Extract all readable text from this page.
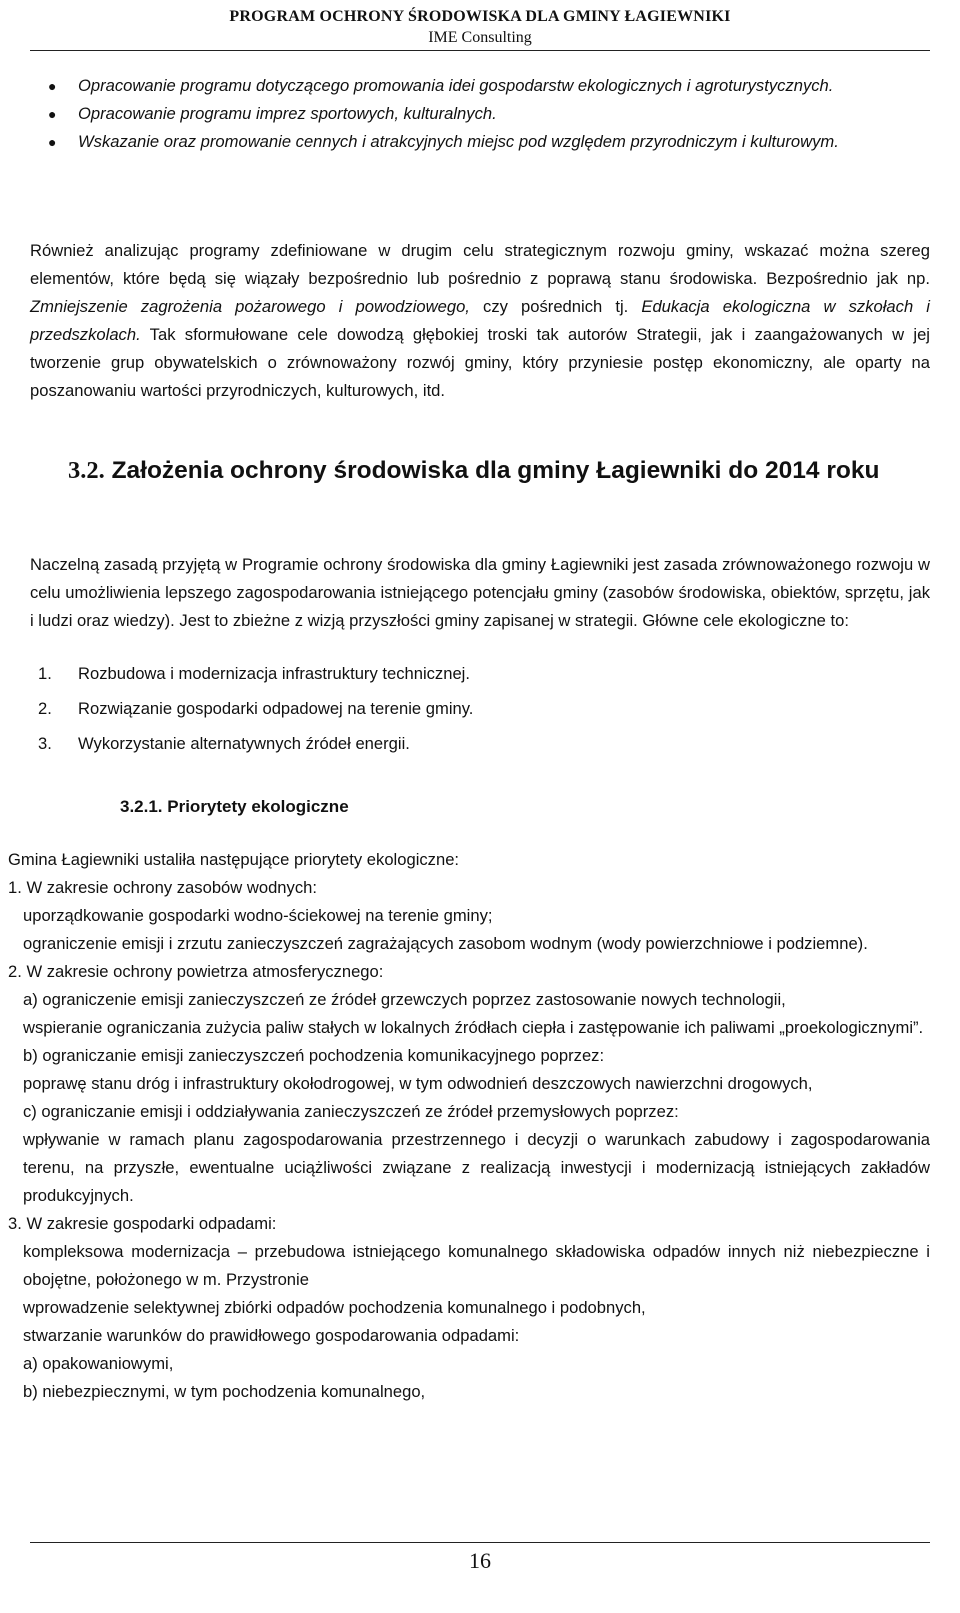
PROGRAM OCHRONY ŚRODOWISKA DLA GMINY ŁAGIEWNIKI
IME Consulting
● Opracowanie programu dotyczącego promowania idei gospodarstw ekologicznych i agroturystycznych.
● Opracowanie programu imprez sportowych, kulturalnych.
● Wskazanie oraz promowanie cennych i atrakcyjnych miejsc pod względem przyrodniczym i kulturowym.
Również analizując programy zdefiniowane w drugim celu strategicznym rozwoju gminy, wskazać można szereg elementów, które będą się wiązały bezpośrednio lub pośrednio z poprawą stanu środowiska. Bezpośrednio jak np. Zmniejszenie zagrożenia pożarowego i powodziowego, czy pośrednich tj. Edukacja ekologiczna w szkołach i przedszkolach. Tak sformułowane cele dowodzą głębokiej troski tak autorów Strategii, jak i zaangażowanych w jej tworzenie grup obywatelskich o zrównoważony rozwój gminy, który przyniesie postęp ekonomiczny, ale oparty na poszanowaniu wartości przyrodniczych, kulturowych, itd.
3.2. Założenia ochrony środowiska dla gminy Łagiewniki do 2014 roku
Naczelną zasadą przyjętą w Programie ochrony środowiska dla gminy Łagiewniki jest zasada zrównoważonego rozwoju w celu umożliwienia lepszego zagospodarowania istniejącego potencjału gminy (zasobów środowiska, obiektów, sprzętu, jak i ludzi oraz wiedzy). Jest to zbieżne z wizją przyszłości gminy zapisanej w strategii. Główne cele ekologiczne to:
1. Rozbudowa i modernizacja infrastruktury technicznej.
2. Rozwiązanie gospodarki odpadowej na terenie gminy.
3. Wykorzystanie alternatywnych źródeł energii.
3.2.1. Priorytety ekologiczne
Gmina Łagiewniki ustaliła następujące priorytety ekologiczne:
1. W zakresie ochrony zasobów wodnych:
uporządkowanie gospodarki wodno-ściekowej na terenie gminy;
ograniczenie emisji i zrzutu zanieczyszczeń zagrażających zasobom wodnym (wody powierzchniowe i podziemne).
2. W zakresie ochrony powietrza atmosferycznego:
a) ograniczenie emisji zanieczyszczeń ze źródeł grzewczych poprzez zastosowanie nowych technologii,
wspieranie ograniczania zużycia paliw stałych w lokalnych źródłach ciepła i zastępowanie ich paliwami „proekologicznymi”.
b) ograniczanie emisji zanieczyszczeń pochodzenia komunikacyjnego poprzez:
poprawę stanu dróg i infrastruktury okołodrogowej, w tym odwodnień deszczowych nawierzchni drogowych,
c) ograniczanie emisji i oddziaływania zanieczyszczeń ze źródeł przemysłowych poprzez:
wpływanie w ramach planu zagospodarowania przestrzennego i decyzji o warunkach zabudowy i zagospodarowania terenu, na przyszłe, ewentualne uciążliwości związane z realizacją inwestycji i modernizacją istniejących zakładów produkcyjnych.
3. W zakresie gospodarki odpadami:
kompleksowa modernizacja – przebudowa istniejącego komunalnego składowiska odpadów innych niż niebezpieczne i obojętne, położonego w m. Przystronie
wprowadzenie selektywnej zbiórki odpadów pochodzenia komunalnego i podobnych,
stwarzanie warunków do prawidłowego gospodarowania odpadami:
a) opakowaniowymi,
b) niebezpiecznymi, w tym pochodzenia komunalnego,
16
